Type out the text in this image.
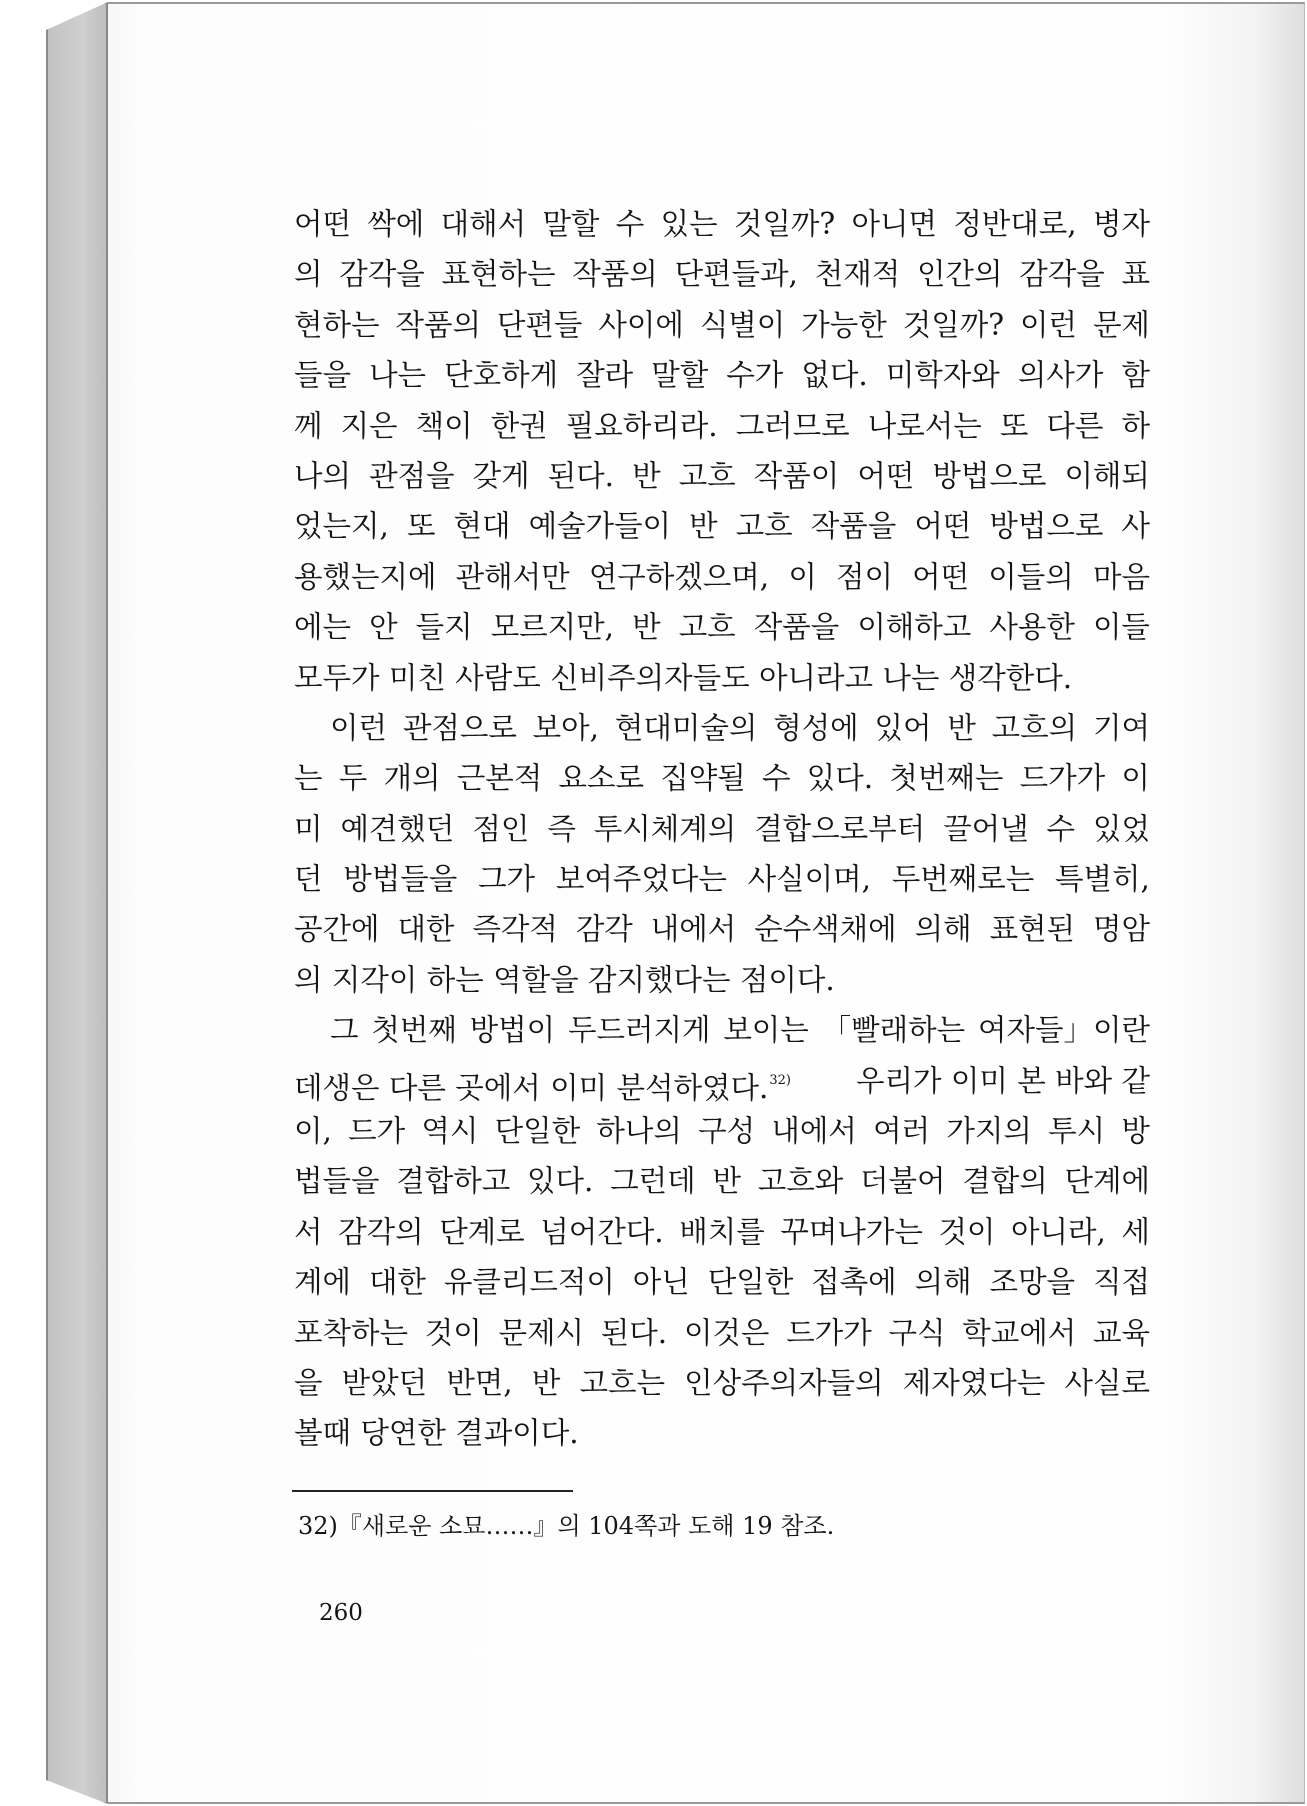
어떤 싹에 대해서 말할 수 있는 것일까? 아니면 정반대로, 병자
의 감각을 표현하는 작품의 단편들과, 천재적 인간의 감각을 표
현하는 작품의 단편들 사이에 식별이 가능한 것일까? 이런 문제
들을 나는 단호하게 잘라 말할 수가 없다. 미학자와 의사가 함
께 지은 책이 한권 필요하리라. 그러므로 나로서는 또 다른 하
나의 관점을 갖게 된다. 반 고흐 작품이 어떤 방법으로 이해되
었는지, 또 현대 예술가들이 반 고흐 작품을 어떤 방법으로 사
용했는지에 관해서만 연구하겠으며, 이 점이 어떤 이들의 마음
에는 안 들지 모르지만, 반 고흐 작품을 이해하고 사용한 이들
모두가 미친 사람도 신비주의자들도 아니라고 나는 생각한다.
이런 관점으로 보아, 현대미술의 형성에 있어 반 고흐의 기여
는 두 개의 근본적 요소로 집약될 수 있다. 첫번째는 드가가 이
미 예견했던 점인 즉 투시체계의 결합으로부터 끌어낼 수 있었
던 방법들을 그가 보여주었다는 사실이며, 두번째로는 특별히,
공간에 대한 즉각적 감각 내에서 순수색채에 의해 표현된 명암
의 지각이 하는 역할을 감지했다는 점이다.
그 첫번째 방법이 두드러지게 보이는 「빨래하는 여자들」이란
데생은 다른 곳에서 이미 분석하였다.$^{32)}$ 우리가 이미 본 바와 같
이, 드가 역시 단일한 하나의 구성 내에서 여러 가지의 투시 방
법들을 결합하고 있다. 그런데 반 고흐와 더불어 결합의 단계에
서 감각의 단계로 넘어간다. 배치를 꾸며나가는 것이 아니라, 세
계에 대한 유클리드적이 아닌 단일한 접촉에 의해 조망을 직접
포착하는 것이 문제시 된다. 이것은 드가가 구식 학교에서 교육
을 받았던 반면, 반 고흐는 인상주의자들의 제자였다는 사실로
볼때 당연한 결과이다.
32)『새로운 소묘……』의 104쪽과 도해 19 참조.
260
